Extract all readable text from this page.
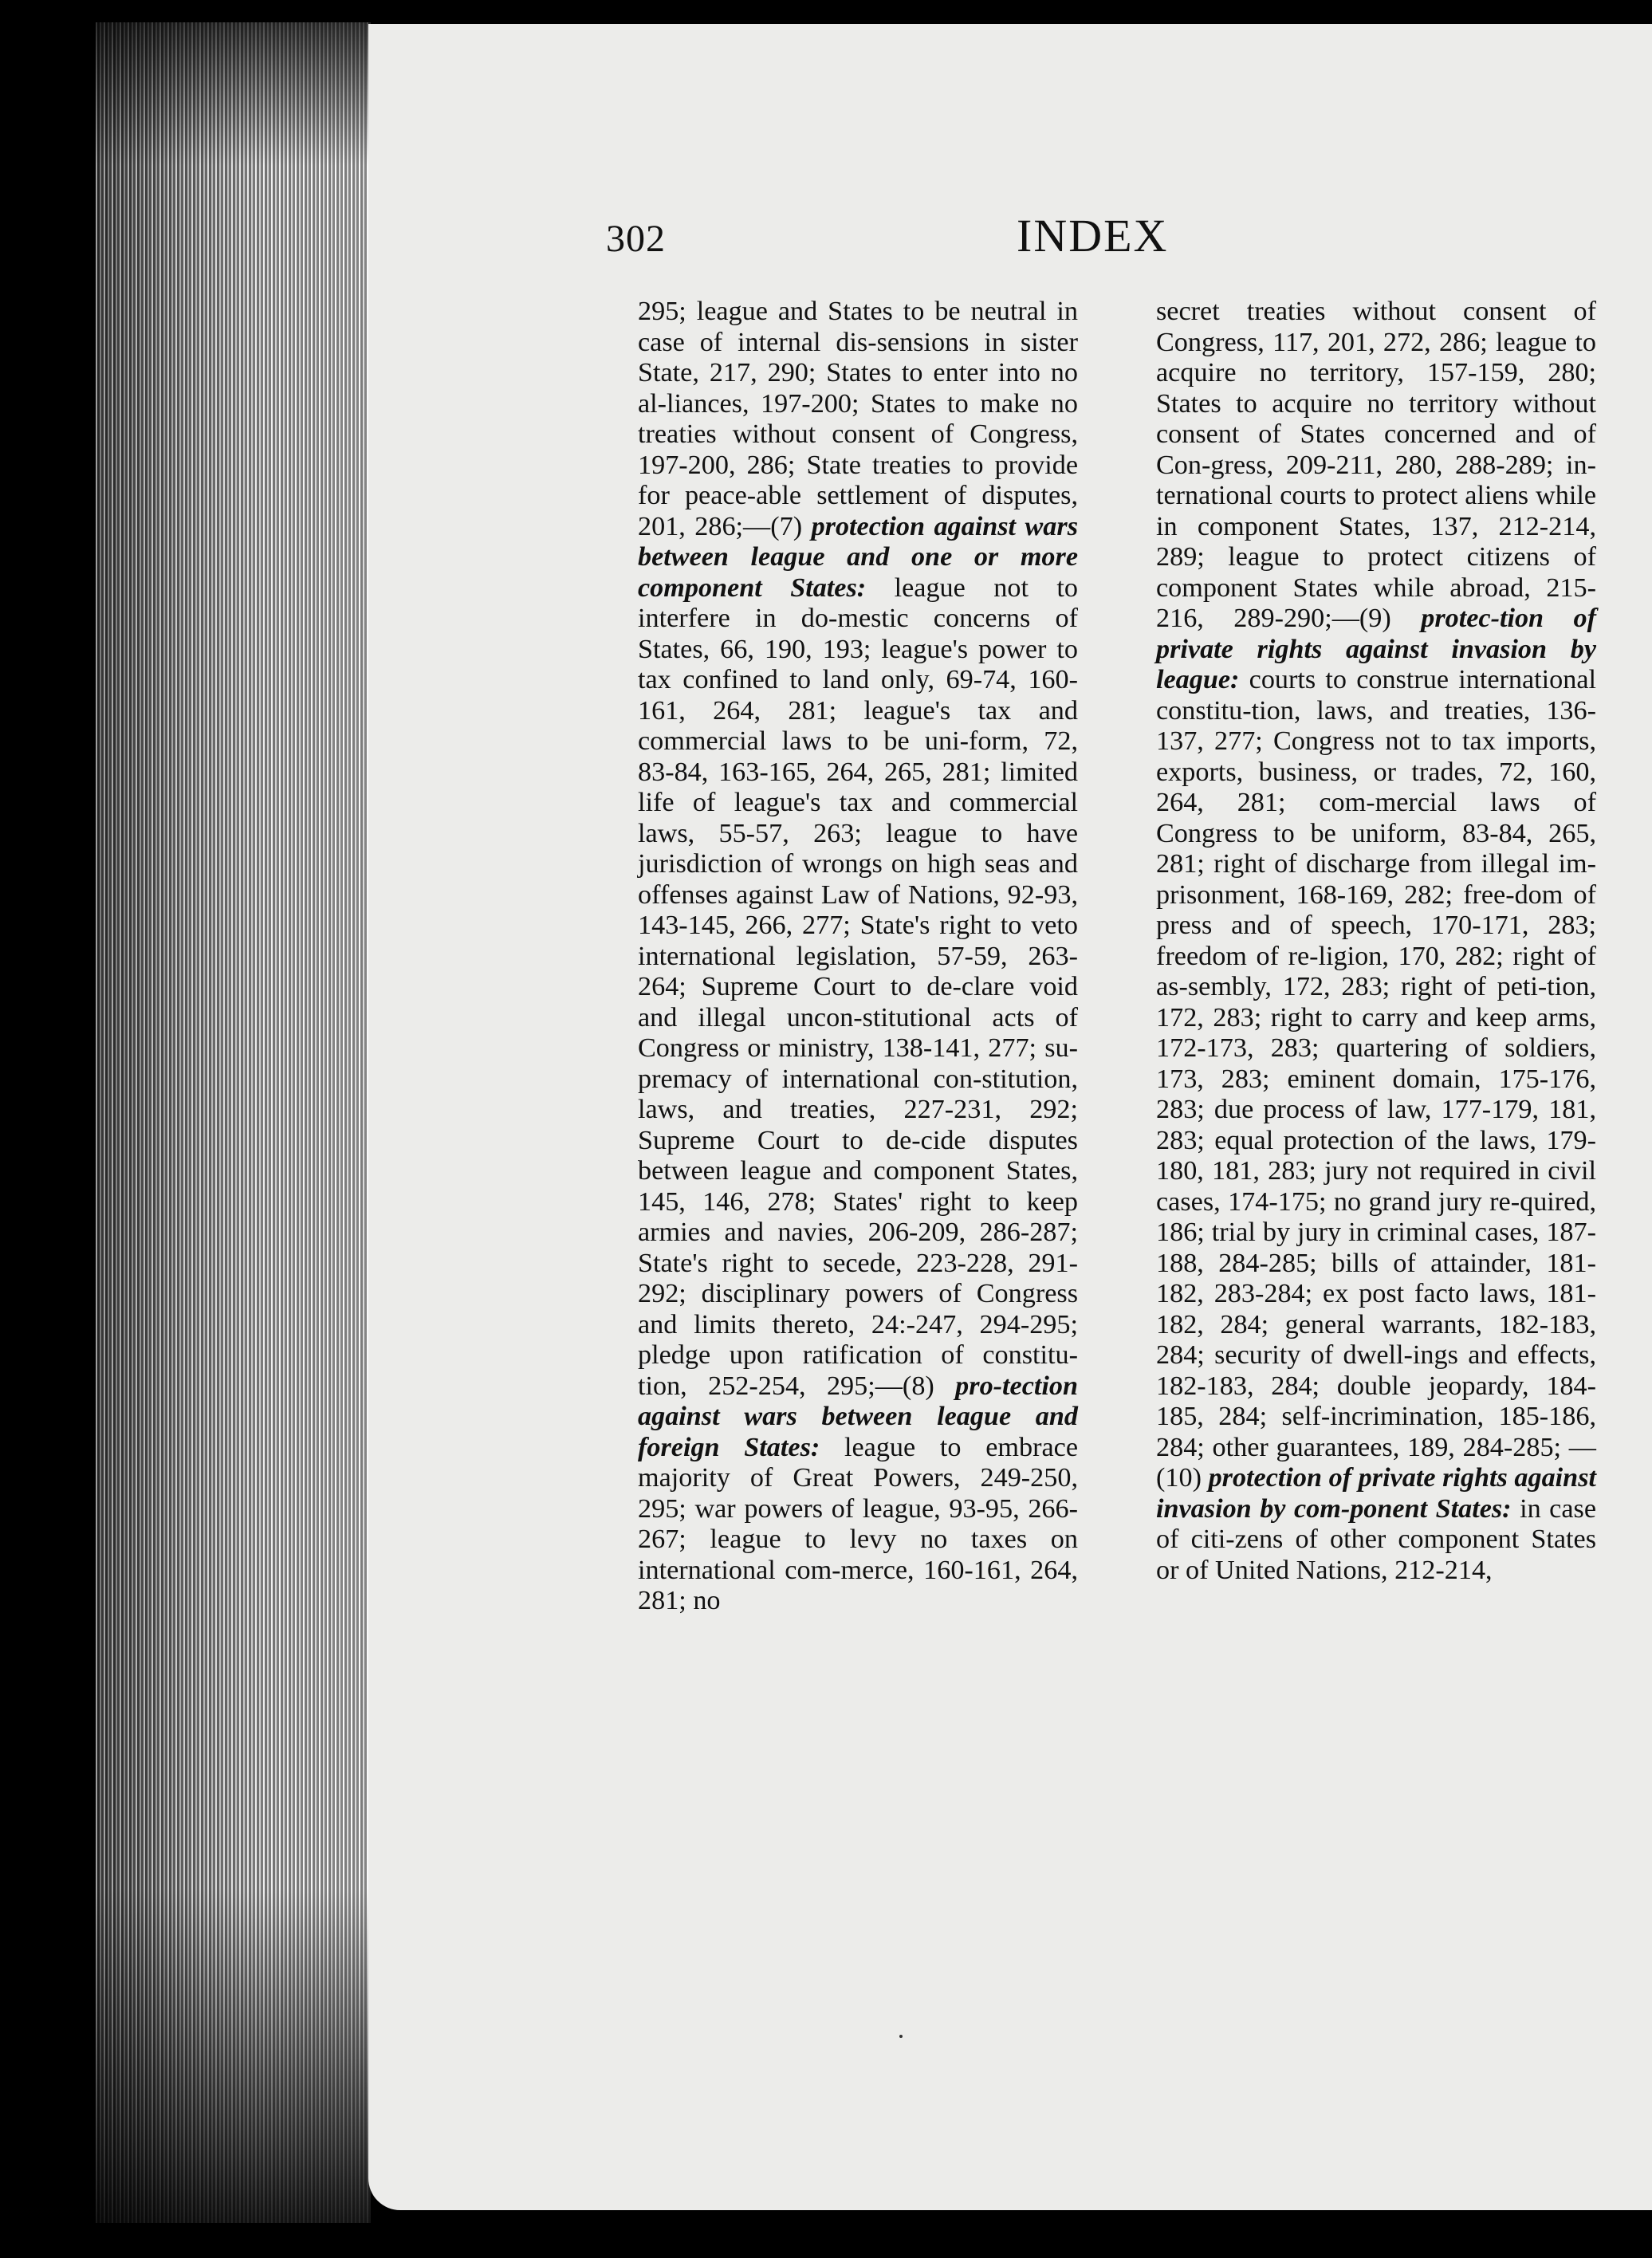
302	INDEX

295; league and States to be neutral in case of internal dis-sensions in sister State, 217, 290; States to enter into no al-liances, 197-200; States to make no treaties without consent of Congress, 197-200, 286; State treaties to provide for peace-able settlement of disputes, 201, 286;—(7) protection against wars between league and one or more component States: league not to interfere in do-mestic concerns of States, 66, 190, 193; league's power to tax confined to land only, 69-74, 160-161, 264, 281; league's tax and commercial laws to be uni-form, 72, 83-84, 163-165, 264, 265, 281; limited life of league's tax and commercial laws, 55-57, 263; league to have jurisdiction of wrongs on high seas and offenses against Law of Nations, 92-93, 143-145, 266, 277; State's right to veto international legislation, 57-59, 263-264; Supreme Court to de-clare void and illegal uncon-stitutional acts of Congress or ministry, 138-141, 277; su-premacy of international con-stitution, laws, and treaties, 227-231, 292; Supreme Court to de-cide disputes between league and component States, 145, 146, 278; States' right to keep armies and navies, 206-209, 286-287; State's right to secede, 223-228, 291-292; disciplinary powers of Congress and limits thereto, 24:-247, 294-295; pledge upon ratification of constitu-tion, 252-254, 295;—(8) pro-tection against wars between league and foreign States: league to embrace majority of Great Powers, 249-250, 295; war powers of league, 93-95, 266-267; league to levy no taxes on international com-merce, 160-161, 264, 281; no

secret treaties without consent of Congress, 117, 201, 272, 286; league to acquire no territory, 157-159, 280; States to acquire no territory without consent of States concerned and of Con-gress, 209-211, 280, 288-289; in-ternational courts to protect aliens while in component States, 137, 212-214, 289; league to protect citizens of component States while abroad, 215-216, 289-290;—(9) protec-tion of private rights against invasion by league: courts to construe international constitu-tion, laws, and treaties, 136-137, 277; Congress not to tax imports, exports, business, or trades, 72, 160, 264, 281; com-mercial laws of Congress to be uniform, 83-84, 265, 281; right of discharge from illegal im-prisonment, 168-169, 282; free-dom of press and of speech, 170-171, 283; freedom of re-ligion, 170, 282; right of as-sembly, 172, 283; right of peti-tion, 172, 283; right to carry and keep arms, 172-173, 283; quartering of soldiers, 173, 283; eminent domain, 175-176, 283; due process of law, 177-179, 181, 283; equal protection of the laws, 179-180, 181, 283; jury not required in civil cases, 174-175; no grand jury re-quired, 186; trial by jury in criminal cases, 187-188, 284-285; bills of attainder, 181-182, 283-284; ex post facto laws, 181-182, 284; general warrants, 182-183, 284; security of dwell-ings and effects, 182-183, 284; double jeopardy, 184-185, 284; self-incrimination, 185-186, 284; other guarantees, 189, 284-285; —(10) protection of private rights against invasion by com-ponent States: in case of citi-zens of other component States or of United Nations, 212-214,
